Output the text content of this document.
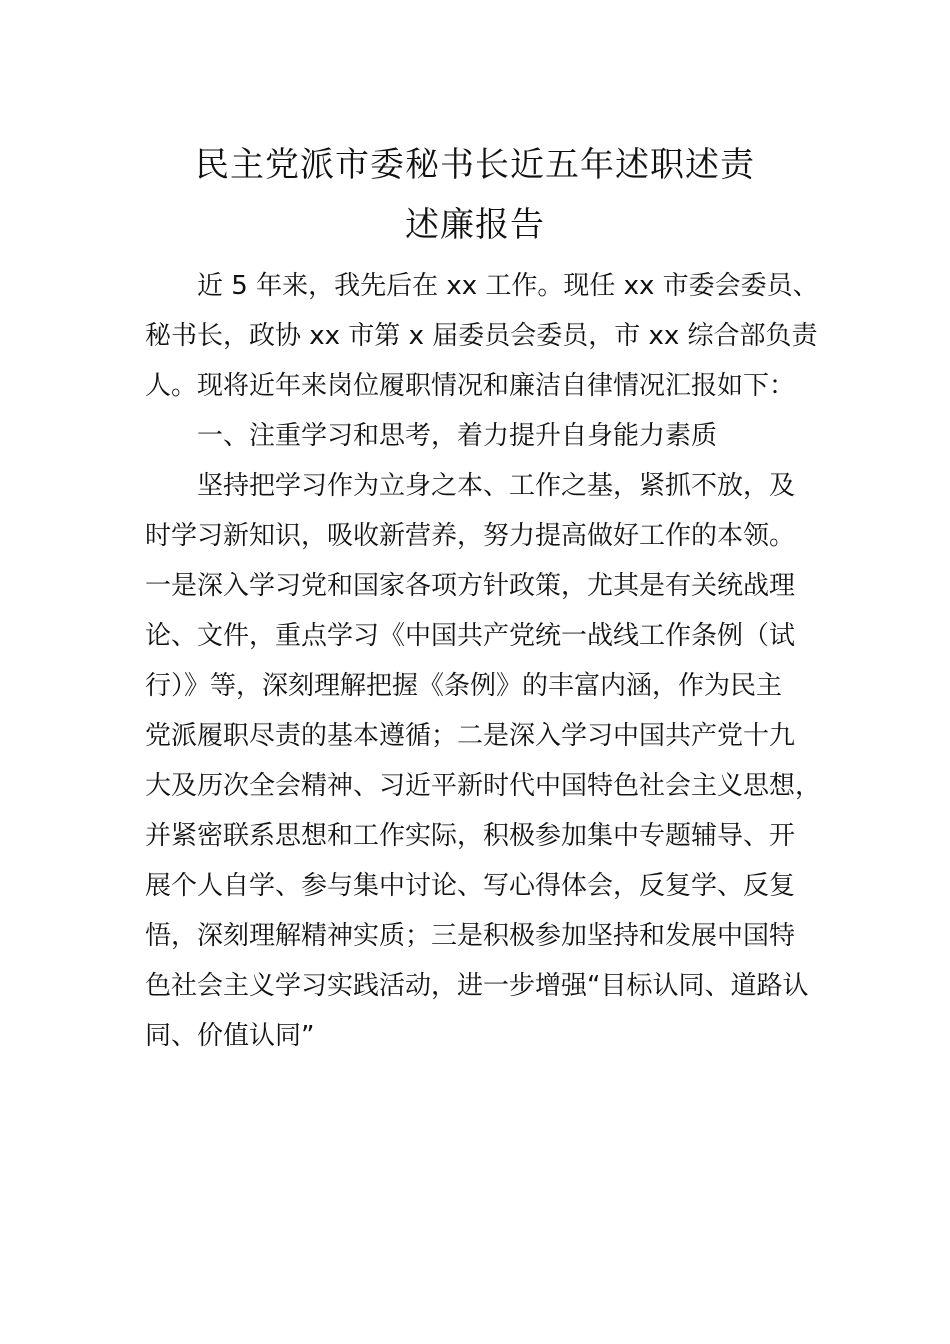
民主党派市委秘书长近五年述职述责
述廉报告
　　近 5 年来，我先后在 xx 工作。现任 xx 市委会委员、
秘书长，政协 xx 市第 x 届委员会委员，市 xx 综合部负责
人。现将近年来岗位履职情况和廉洁自律情况汇报如下：
　　一、注重学习和思考，着力提升自身能力素质
　　坚持把学习作为立身之本、工作之基，紧抓不放，及
时学习新知识，吸收新营养，努力提高做好工作的本领。
一是深入学习党和国家各项方针政策，尤其是有关统战理
论、文件，重点学习《中国共产党统一战线工作条例（试
行）》等，深刻理解把握《条例》的丰富内涵，作为民主
党派履职尽责的基本遵循；二是深入学习中国共产党十九
大及历次全会精神、习近平新时代中国特色社会主义思想，
并紧密联系思想和工作实际，积极参加集中专题辅导、开
展个人自学、参与集中讨论、写心得体会，反复学、反复
悟，深刻理解精神实质；三是积极参加坚持和发展中国特
色社会主义学习实践活动，进一步增强“目标认同、道路认
同、价值认同”
